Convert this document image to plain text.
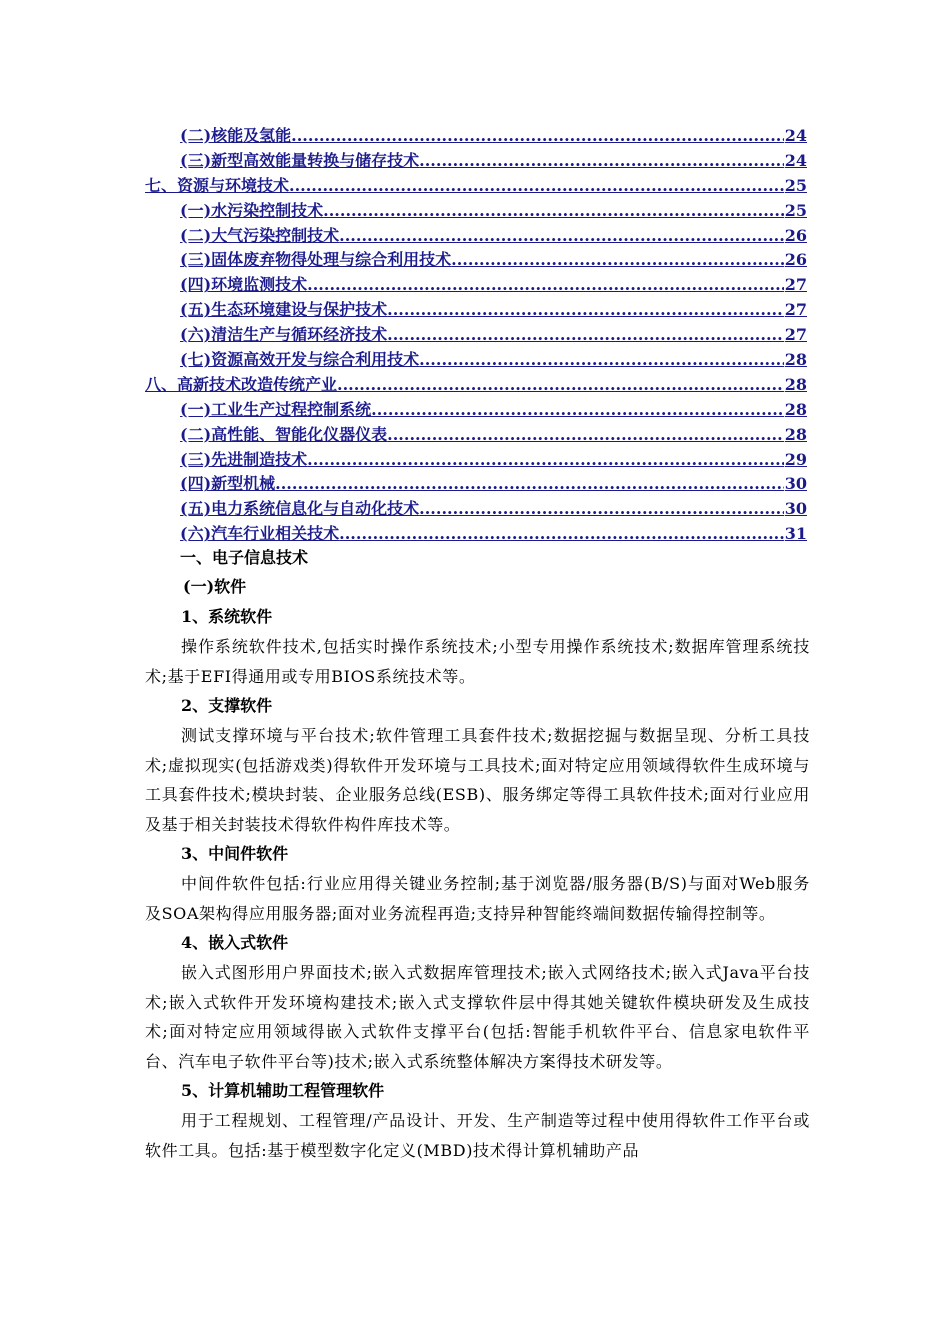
(二)核能及氢能 .....	24
(三)新型高效能量转换与储存技术 .....	24
七、资源与环境技术 .....	25
(一)水污染控制技术 .....	25
(二)大气污染控制技术 .....	26
(三)固体废弃物得处理与综合利用技术 .....	26
(四)环境监测技术 .....	27
(五)生态环境建设与保护技术 .....	27
(六)清洁生产与循环经济技术 .....	27
(七)资源高效开发与综合利用技术 .....	28
八、高新技术改造传统产业 .....	28
(一)工业生产过程控制系统 .....	28
(二)高性能、智能化仪器仪表 .....	28
(三)先进制造技术 .....	29
(四)新型机械 .....	30
(五)电力系统信息化与自动化技术 .....	30
(六)汽车行业相关技术 .....	31
一、电子信息技术
(一)软件
1、系统软件

操作系统软件技术,包括实时操作系统技术;小型专用操作系统技术;数据库管理系统技术;基于EFI得通用或专用BIOS系统技术等。

2、支撑软件

测试支撑环境与平台技术;软件管理工具套件技术;数据挖掘与数据呈现、分析工具技术;虚拟现实(包括游戏类)得软件开发环境与工具技术;面对特定应用领域得软件生成环境与工具套件技术;模块封装、企业服务总线(ESB)、服务绑定等得工具软件技术;面对行业应用及基于相关封装技术得软件构件库技术等。

3、中间件软件

中间件软件包括:行业应用得关键业务控制;基于浏览器/服务器(B/S)与面对Web服务及SOA架构得应用服务器;面对业务流程再造;支持异种智能终端间数据传输得控制等。

4、嵌入式软件

嵌入式图形用户界面技术;嵌入式数据库管理技术;嵌入式网络技术;嵌入式Java平台技术;嵌入式软件开发环境构建技术;嵌入式支撑软件层中得其她关键软件模块研发及生成技术;面对特定应用领域得嵌入式软件支撑平台(包括:智能手机软件平台、信息家电软件平台、汽车电子软件平台等)技术;嵌入式系统整体解决方案得技术研发等。

5、计算机辅助工程管理软件

用于工程规划、工程管理/产品设计、开发、生产制造等过程中使用得软件工作平台或软件工具。包括:基于模型数字化定义(MBD)技术得计算机辅助产品
